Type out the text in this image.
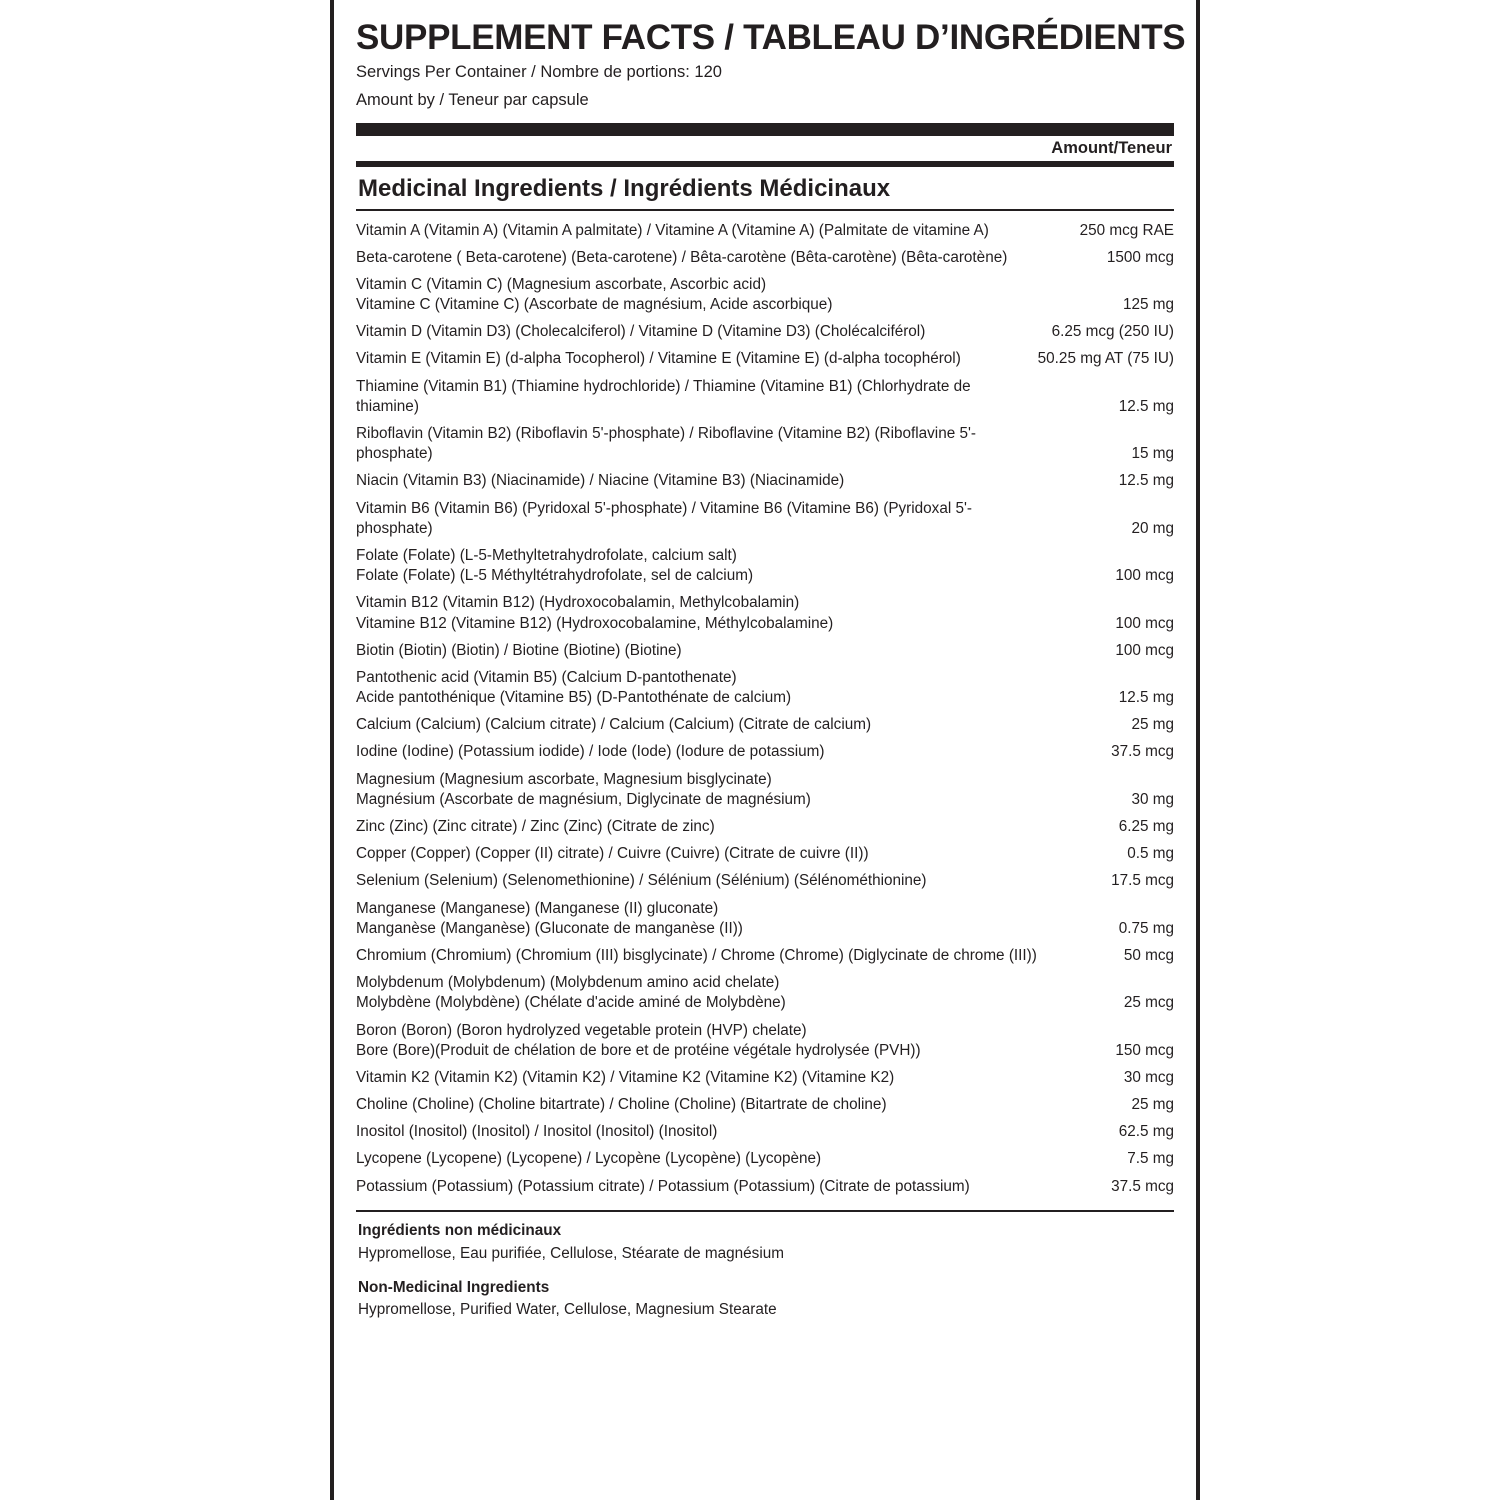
SUPPLEMENT FACTS / TABLEAU D’INGRÉDIENTS
Servings Per Container / Nombre de portions: 120
Amount by / Teneur par capsule
Amount/Teneur
Medicinal Ingredients / Ingrédients Médicinaux
Vitamin A (Vitamin A) (Vitamin A palmitate) / Vitamine A (Vitamine A) (Palmitate de vitamine A)	250 mcg RAE
Beta-carotene ( Beta-carotene) (Beta-carotene) / Bêta-carotène (Bêta-carotène) (Bêta-carotène)	1500 mcg
Vitamin C (Vitamin C) (Magnesium ascorbate, Ascorbic acid)
Vitamine C (Vitamine C) (Ascorbate de magnésium, Acide ascorbique)	125 mg
Vitamin D (Vitamin D3) (Cholecalciferol) / Vitamine D (Vitamine D3) (Cholécalciférol)	6.25 mcg (250 IU)
Vitamin E (Vitamin E) (d-alpha Tocopherol) / Vitamine E (Vitamine E) (d-alpha tocophérol)	50.25 mg AT (75 IU)
Thiamine (Vitamin B1) (Thiamine hydrochloride) / Thiamine (Vitamine B1) (Chlorhydrate de thiamine)	12.5 mg
Riboflavin (Vitamin B2) (Riboflavin 5'-phosphate) / Riboflavine (Vitamine B2) (Riboflavine 5'-phosphate)	15 mg
Niacin (Vitamin B3) (Niacinamide) / Niacine (Vitamine B3) (Niacinamide)	12.5 mg
Vitamin B6 (Vitamin B6) (Pyridoxal 5'-phosphate) / Vitamine B6 (Vitamine B6) (Pyridoxal 5'-phosphate)	20 mg
Folate (Folate) (L-5-Methyltetrahydrofolate, calcium salt)
Folate (Folate) (L-5 Méthyltétrahydrofolate, sel de calcium)	100 mcg
Vitamin B12 (Vitamin B12) (Hydroxocobalamin, Methylcobalamin)
Vitamine B12 (Vitamine B12) (Hydroxocobalamine, Méthylcobalamine)	100 mcg
Biotin (Biotin) (Biotin) / Biotine (Biotine) (Biotine)	100 mcg
Pantothenic acid (Vitamin B5) (Calcium D-pantothenate)
Acide pantothénique (Vitamine B5) (D-Pantothénate de calcium)	12.5 mg
Calcium (Calcium) (Calcium citrate) / Calcium (Calcium) (Citrate de calcium)	25 mg
Iodine (Iodine) (Potassium iodide) / Iode (Iode) (Iodure de potassium)	37.5 mcg
Magnesium (Magnesium ascorbate, Magnesium bisglycinate)
Magnésium (Ascorbate de magnésium, Diglycinate de magnésium)	30 mg
Zinc (Zinc) (Zinc citrate) / Zinc (Zinc) (Citrate de zinc)	6.25 mg
Copper (Copper) (Copper (II) citrate) / Cuivre (Cuivre) (Citrate de cuivre (II))	0.5 mg
Selenium (Selenium) (Selenomethionine) / Sélénium (Sélénium) (Sélénométhionine)	17.5 mcg
Manganese (Manganese) (Manganese (II) gluconate)
Manganèse (Manganèse) (Gluconate de manganèse (II))	0.75 mg
Chromium (Chromium) (Chromium (III) bisglycinate) / Chrome (Chrome) (Diglycinate de chrome (III))	50 mcg
Molybdenum (Molybdenum) (Molybdenum amino acid chelate)
Molybdène (Molybdène) (Chélate d'acide aminé de Molybdène)	25 mcg
Boron (Boron) (Boron hydrolyzed vegetable protein (HVP) chelate)
Bore (Bore)(Produit de chélation de bore et de protéine végétale hydrolysée (PVH))	150 mcg
Vitamin K2 (Vitamin K2) (Vitamin K2) / Vitamine K2 (Vitamine K2) (Vitamine K2)	30 mcg
Choline (Choline) (Choline bitartrate) / Choline (Choline) (Bitartrate de choline)	25 mg
Inositol (Inositol) (Inositol) / Inositol (Inositol) (Inositol)	62.5 mg
Lycopene (Lycopene) (Lycopene) / Lycopène (Lycopène) (Lycopène)	7.5 mg
Potassium (Potassium) (Potassium citrate) / Potassium (Potassium) (Citrate de potassium)	37.5 mcg
Ingrédients non médicinaux
Hypromellose, Eau purifiée, Cellulose, Stéarate de magnésium
Non-Medicinal Ingredients
Hypromellose, Purified Water, Cellulose, Magnesium Stearate
